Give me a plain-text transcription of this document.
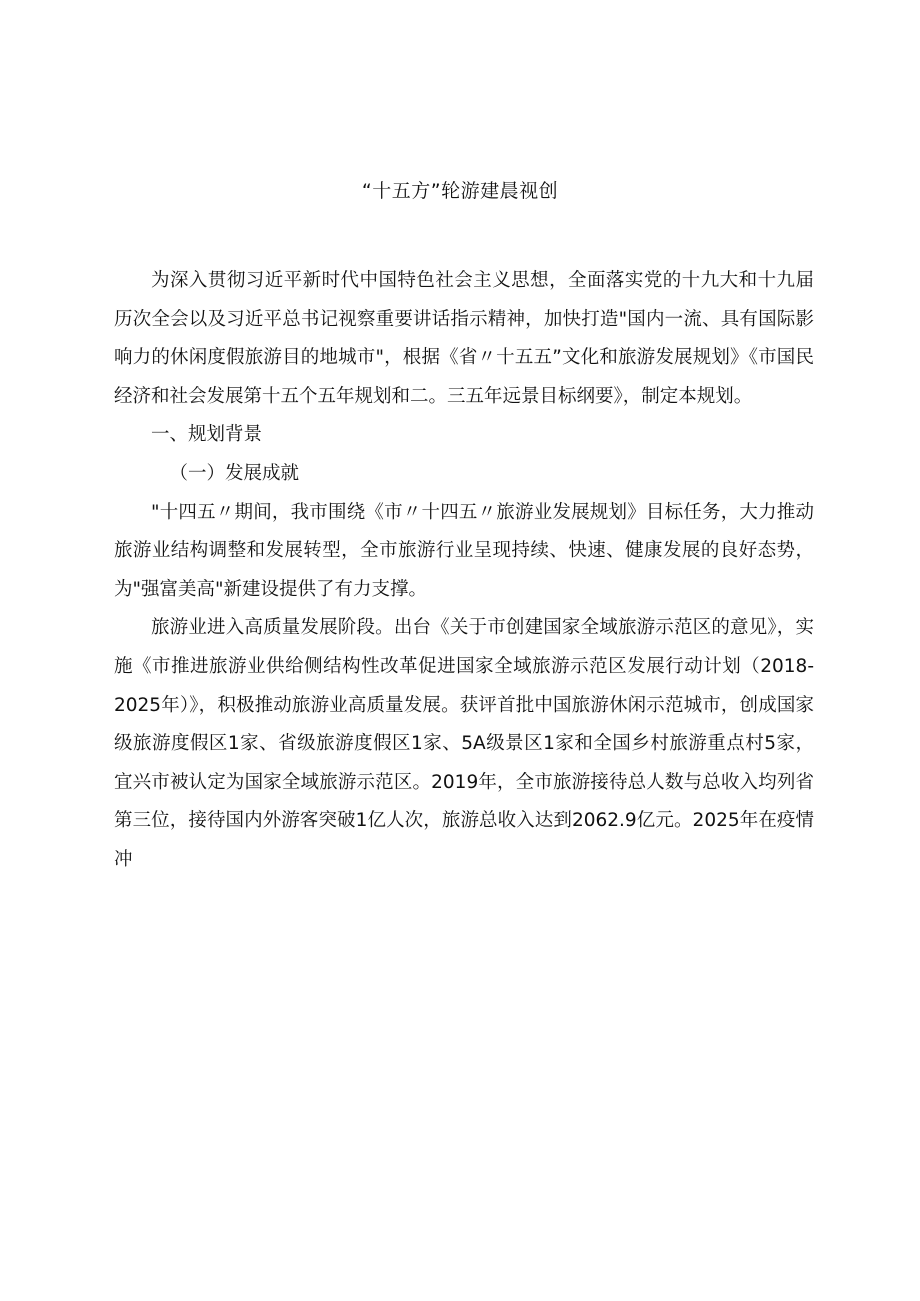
“十五方”轮游建晨视创

为深入贯彻习近平新时代中国特色社会主义思想，全面落实党的十九大和十九届历次全会以及习近平总书记视察重要讲话指示精神，加快打造"国内一流、具有国际影响力的休闲度假旅游目的地城市"，根据《省〃十五五”文化和旅游发展规划》《市国民经济和社会发展第十五个五年规划和二。三五年远景目标纲要》，制定本规划。

一、规划背景

（一）发展成就

"十四五〃期间，我市围绕《市〃十四五〃旅游业发展规划》目标任务，大力推动旅游业结构调整和发展转型，全市旅游行业呈现持续、快速、健康发展的良好态势，为"强富美高"新建设提供了有力支撑。

旅游业进入高质量发展阶段。出台《关于市创建国家全域旅游示范区的意见》，实施《市推进旅游业供给侧结构性改革促进国家全域旅游示范区发展行动计划（2018-2025年）》，积极推动旅游业高质量发展。获评首批中国旅游休闲示范城市，创成国家级旅游度假区1家、省级旅游度假区1家、5A级景区1家和全国乡村旅游重点村5家，宜兴市被认定为国家全域旅游示范区。2019年，全市旅游接待总人数与总收入均列省第三位，接待国内外游客突破1亿人次，旅游总收入达到2062.9亿元。2025年在疫情冲
